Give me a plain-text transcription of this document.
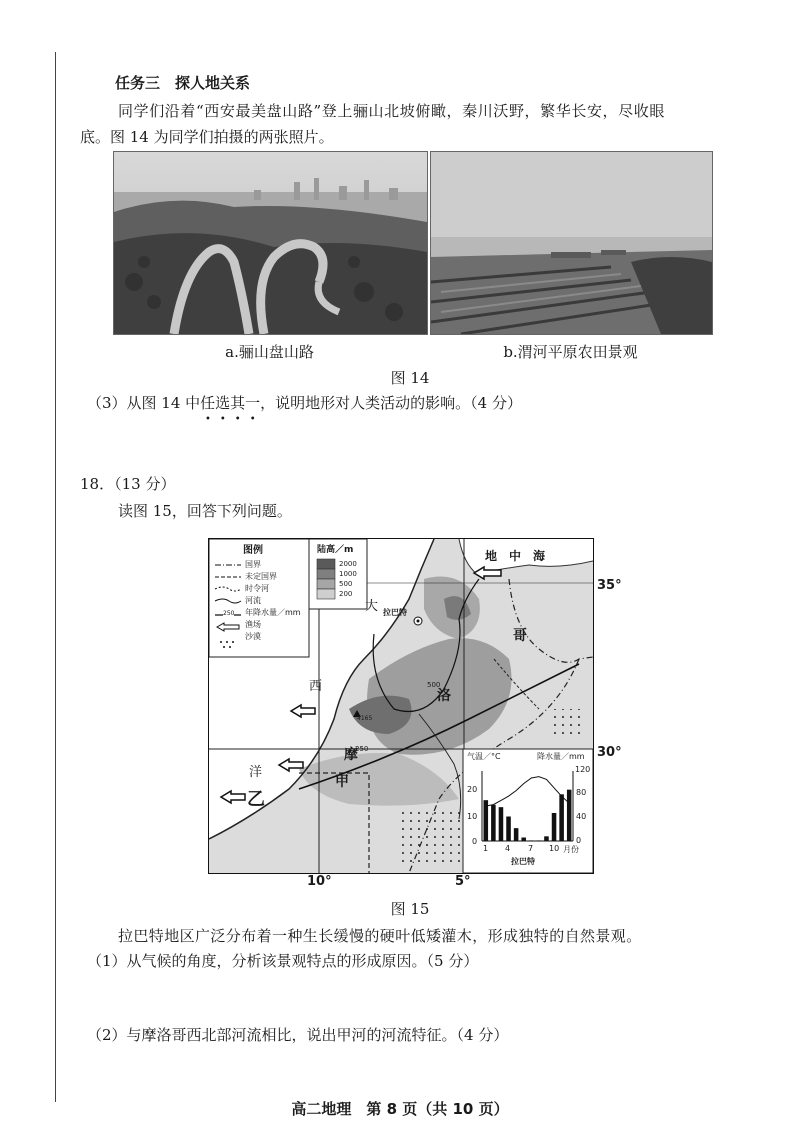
任务三　探人地关系
同学们沿着“西安最美盘山路”登上骊山北坡俯瞰，秦川沃野，繁华长安，尽收眼
底。图 14 为同学们拍摄的两张照片。
a.骊山盘山路	b.渭河平原农田景观
图 14
（3）从图 14 中任选其一，说明地形对人类活动的影响。（4 分）
••••
18．（13 分）
读图 15，回答下列问题。
图例
国界
未定国界
时令河
河流
年降水量／mm
渔场
沙漠
250
陆高／m
2000
1000
500
200
地　中　海
大
西
洋
摩
洛
哥
拉巴特
4165
500
250
甲
乙
气温／°C	降水量／mm
20
10
0
120
80
40
0
1 4 7 10 月份
拉巴特
35°
30°
10°	5°
图 15
拉巴特地区广泛分布着一种生长缓慢的硬叶低矮灌木，形成独特的自然景观。
（1）从气候的角度，分析该景观特点的形成原因。（5 分）
（2）与摩洛哥西北部河流相比，说出甲河的河流特征。（4 分）
高二地理　第 8 页（共 10 页）
